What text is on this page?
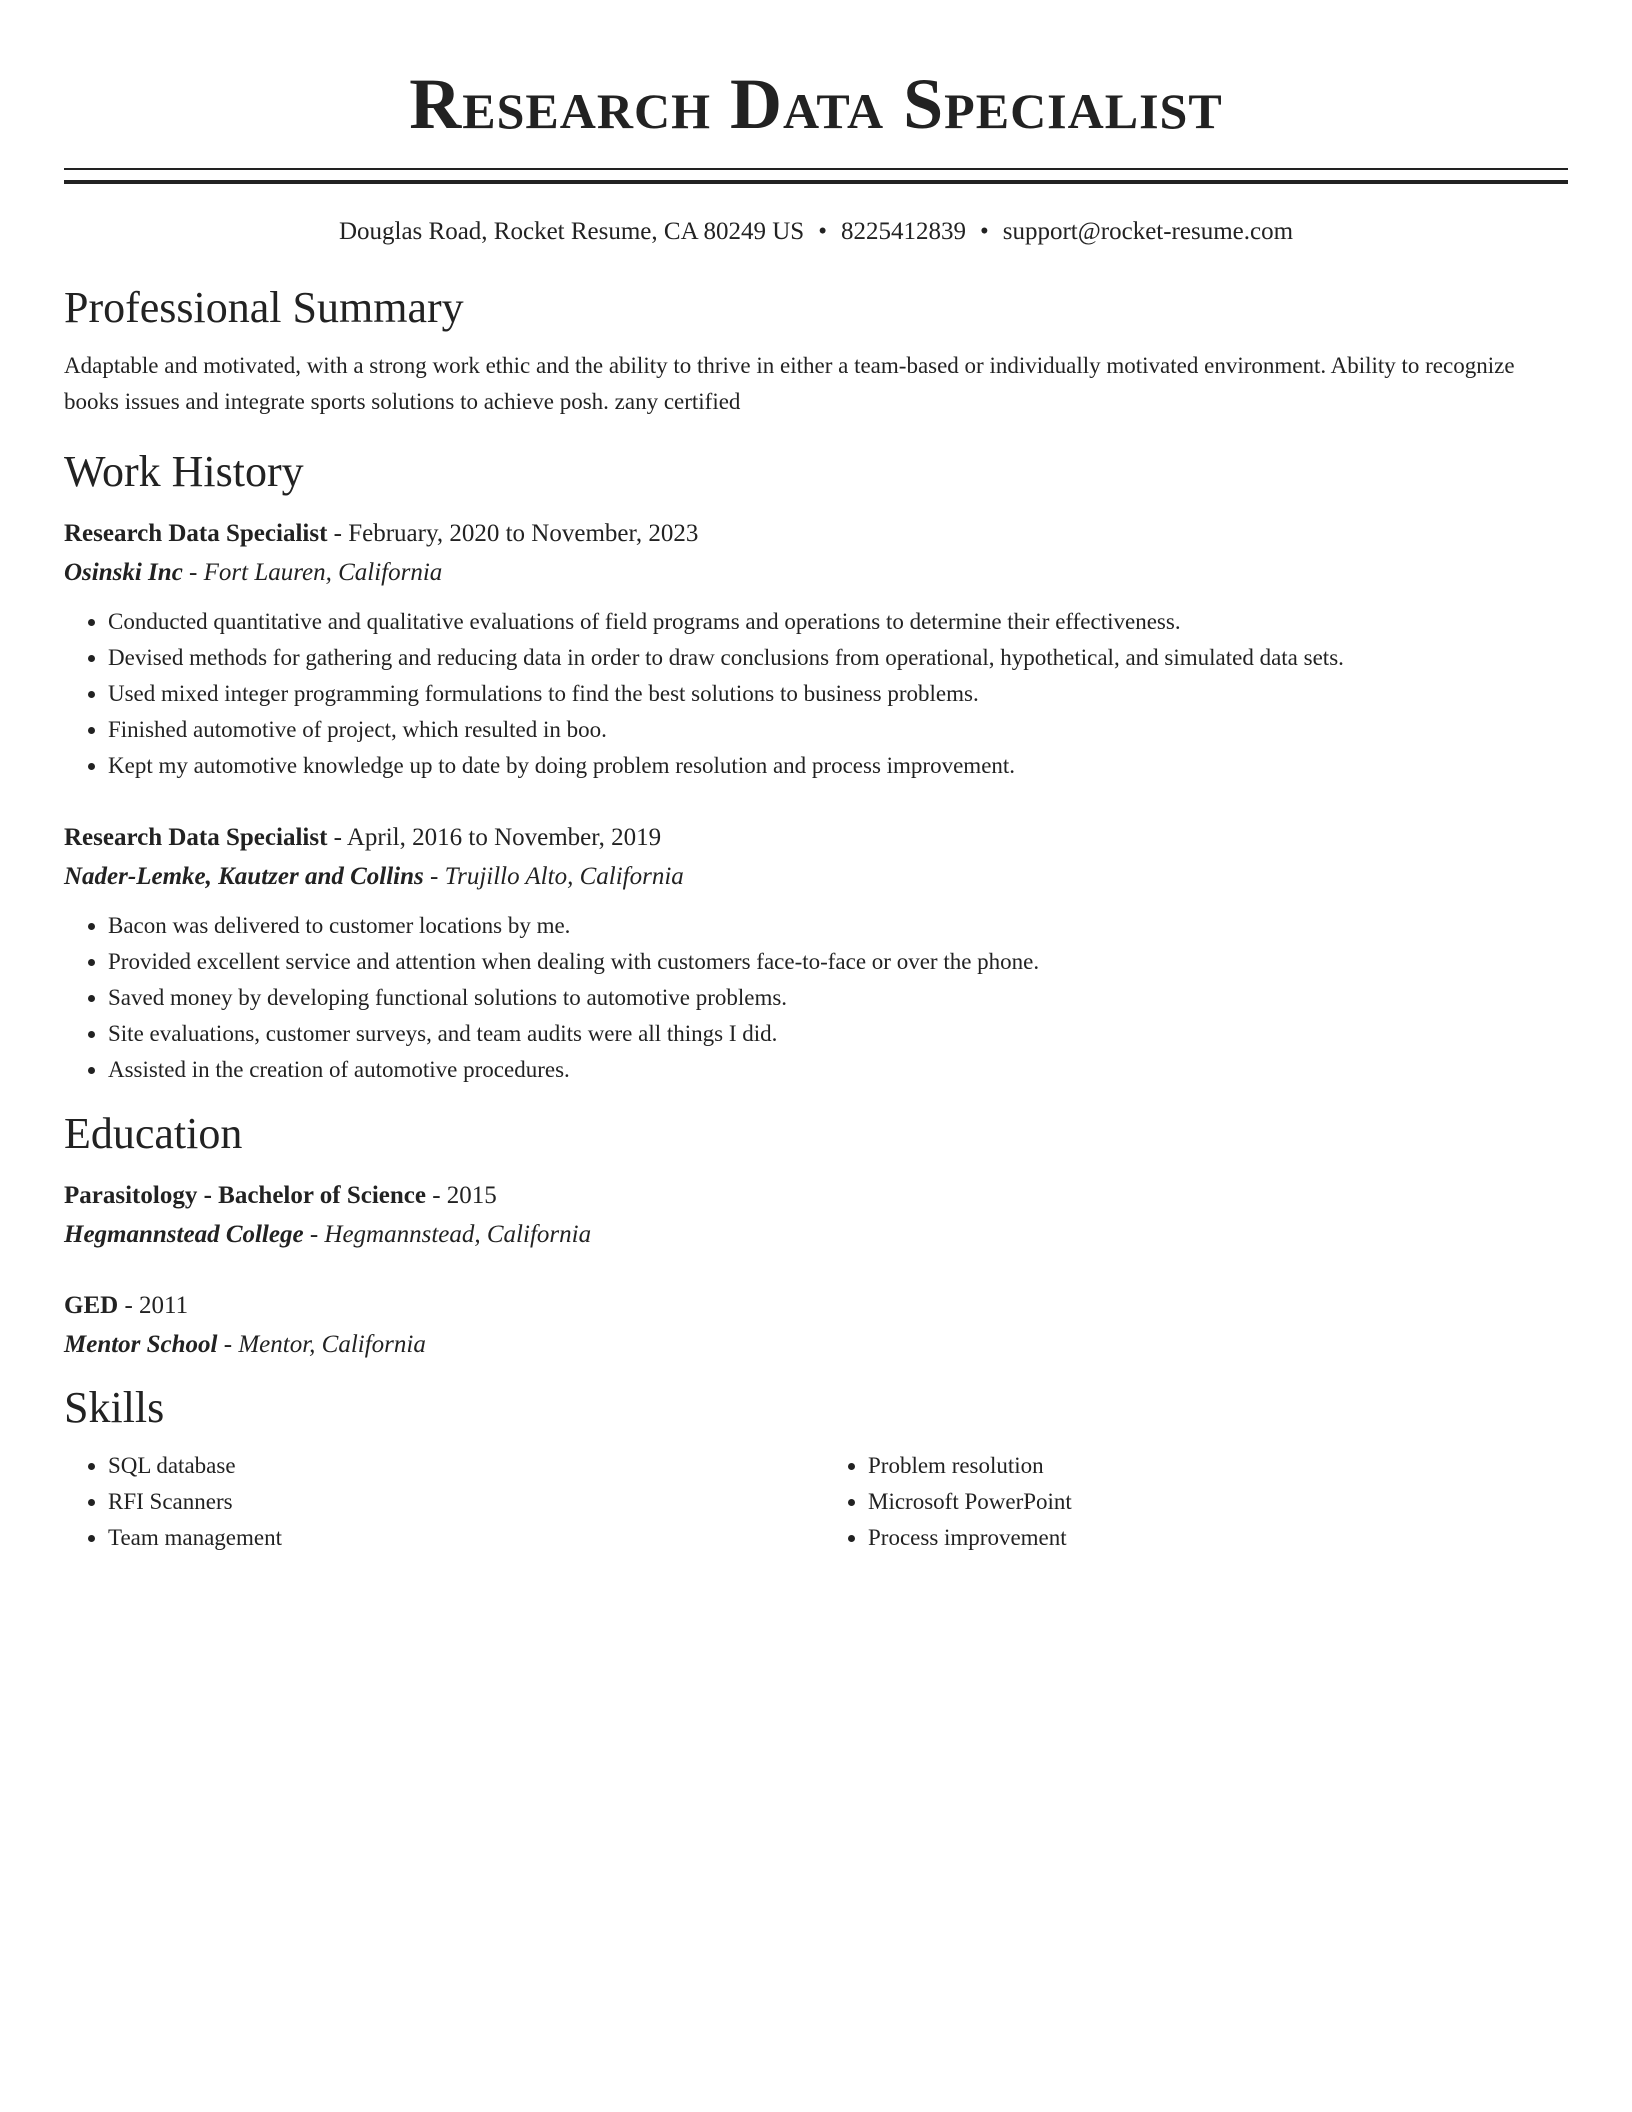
Research Data Specialist
Douglas Road, Rocket Resume, CA 80249 US • 8225412839 • support@rocket-resume.com
Professional Summary
Adaptable and motivated, with a strong work ethic and the ability to thrive in either a team-based or individually motivated environment. Ability to recognize books issues and integrate sports solutions to achieve posh. zany certified
Work History
Research Data Specialist - February, 2020 to November, 2023
Osinski Inc - Fort Lauren, California
• Conducted quantitative and qualitative evaluations of field programs and operations to determine their effectiveness.
• Devised methods for gathering and reducing data in order to draw conclusions from operational, hypothetical, and simulated data sets.
• Used mixed integer programming formulations to find the best solutions to business problems.
• Finished automotive of project, which resulted in boo.
• Kept my automotive knowledge up to date by doing problem resolution and process improvement.
Research Data Specialist - April, 2016 to November, 2019
Nader-Lemke, Kautzer and Collins - Trujillo Alto, California
• Bacon was delivered to customer locations by me.
• Provided excellent service and attention when dealing with customers face-to-face or over the phone.
• Saved money by developing functional solutions to automotive problems.
• Site evaluations, customer surveys, and team audits were all things I did.
• Assisted in the creation of automotive procedures.
Education
Parasitology - Bachelor of Science - 2015
Hegmannstead College - Hegmannstead, California
GED - 2011
Mentor School - Mentor, California
Skills
• SQL database
• RFI Scanners
• Team management
• Problem resolution
• Microsoft PowerPoint
• Process improvement
